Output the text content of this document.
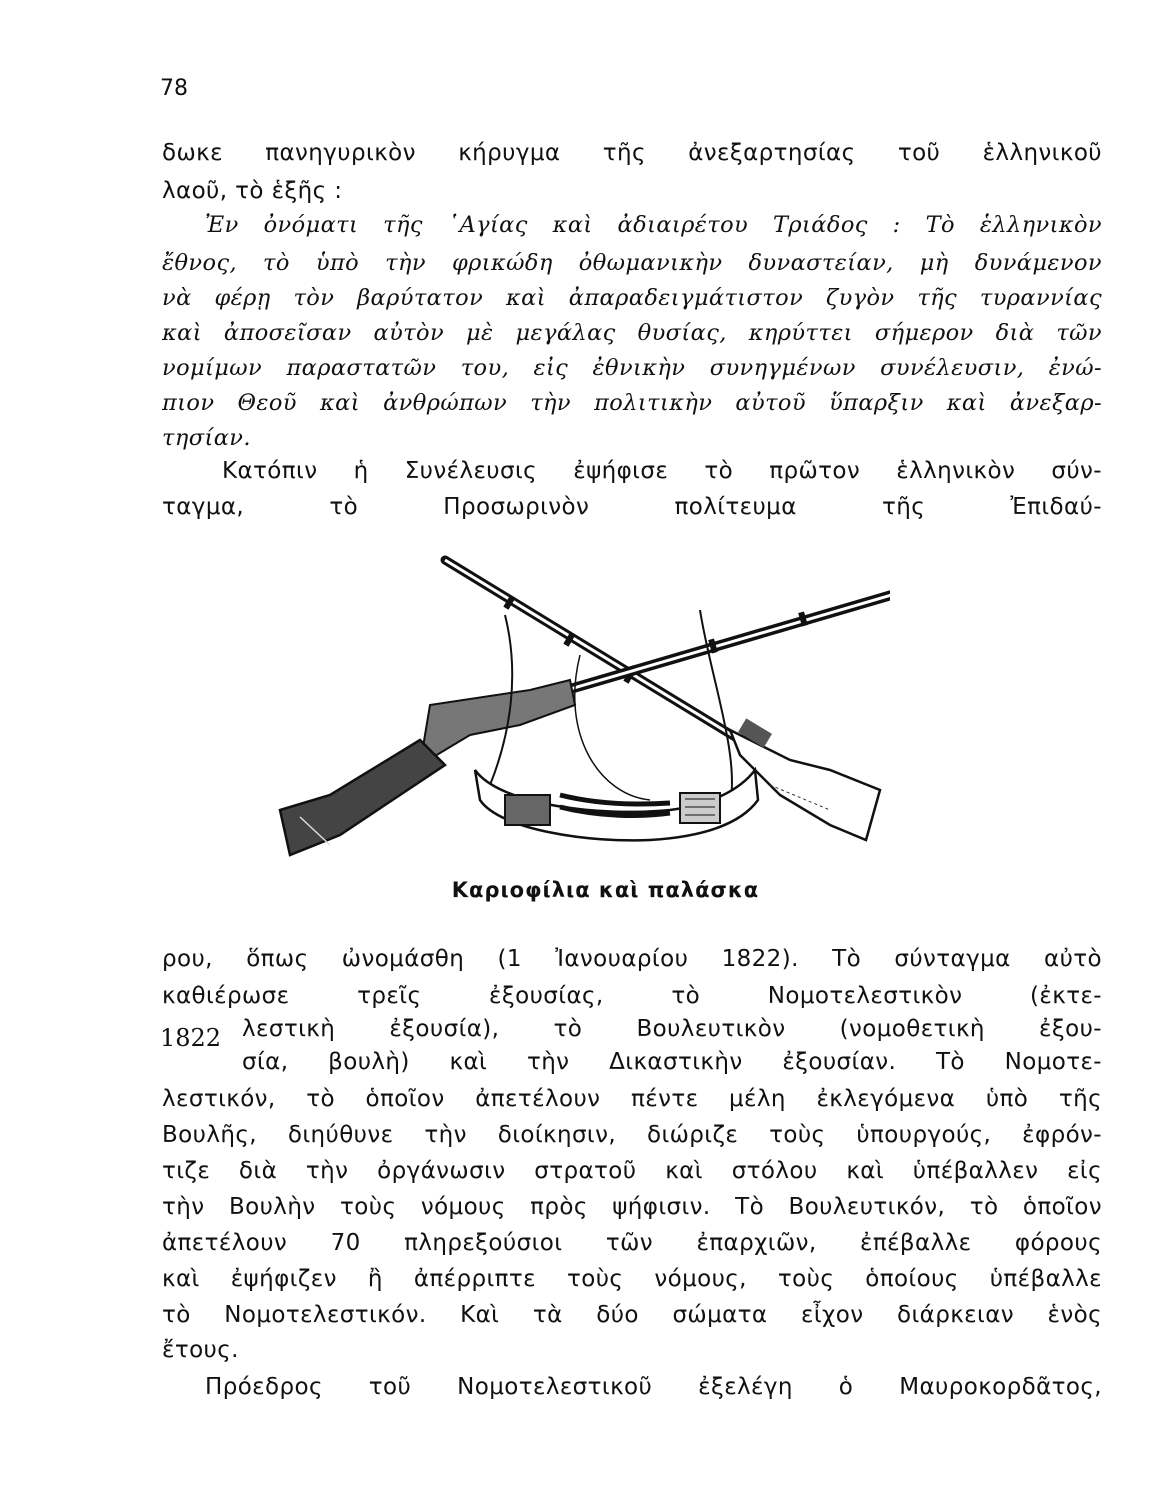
78
δωκε πανηγυρικὸν κήρυγμα τῆς ἀνεξαρτησίας τοῦ ἑλληνικοῦ
λαοῦ, τὸ ἑξῆς :
Ἐν ὀνόματι τῆς ῾Αγίας καὶ ἀδιαιρέτου Τριάδος : Τὸ ἑλληνικὸν
ἔθνος, τὸ ὑπὸ τὴν φρικώδη ὀθωμανικὴν δυναστείαν, μὴ δυνάμενον
νὰ φέρῃ τὸν βαρύτατον καὶ ἀπαραδειγμάτιστον ζυγὸν τῆς τυραννίας
καὶ ἀποσεῖσαν αὐτὸν μὲ μεγάλας θυσίας, κηρύττει σήμερον διὰ τῶν
νομίμων παραστατῶν του, εἰς ἐθνικὴν συνηγμένων συνέλευσιν, ἐνώ-
πιον Θεοῦ καὶ ἀνθρώπων τὴν πολιτικὴν αὐτοῦ ὕπαρξιν καὶ ἀνεξαρ-
τησίαν.
Κατόπιν ἡ Συνέλευσις ἐψήφισε τὸ πρῶτον ἑλληνικὸν σύν-
ταγμα, τὸ Προσωρινὸν πολίτευμα τῆς Ἐπιδαύ-
Καριοφίλια καὶ παλάσκα
1822
ρου, ὅπως ὠνομάσθη (1 Ἰανουαρίου 1822). Τὸ σύνταγμα αὐτὸ
καθιέρωσε τρεῖς ἐξουσίας, τὸ Νομοτελεστικὸν (ἐκτε-
λεστικὴ ἐξουσία), τὸ Βουλευτικὸν (νομοθετικὴ ἐξου-
σία, βουλὴ) καὶ τὴν Δικαστικὴν ἐξουσίαν. Τὸ Νομοτε-
λεστικόν, τὸ ὁποῖον ἀπετέλουν πέντε μέλη ἐκλεγόμενα ὑπὸ τῆς
Βουλῆς, διηύθυνε τὴν διοίκησιν, διώριζε τοὺς ὑπουργούς, ἐφρόν-
τιζε διὰ τὴν ὀργάνωσιν στρατοῦ καὶ στόλου καὶ ὑπέβαλλεν εἰς
τὴν Βουλὴν τοὺς νόμους πρὸς ψήφισιν. Τὸ Βουλευτικόν, τὸ ὁποῖον
ἀπετέλουν 70 πληρεξούσιοι τῶν ἐπαρχιῶν, ἐπέβαλλε φόρους
καὶ ἐψήφιζεν ἢ ἀπέρριπτε τοὺς νόμους, τοὺς ὁποίους ὑπέβαλλε
τὸ Νομοτελεστικόν. Καὶ τὰ δύο σώματα εἶχον διάρκειαν ἑνὸς
ἔτους.
Πρόεδρος τοῦ Νομοτελεστικοῦ ἐξελέγη ὁ Μαυροκορδᾶτος,
